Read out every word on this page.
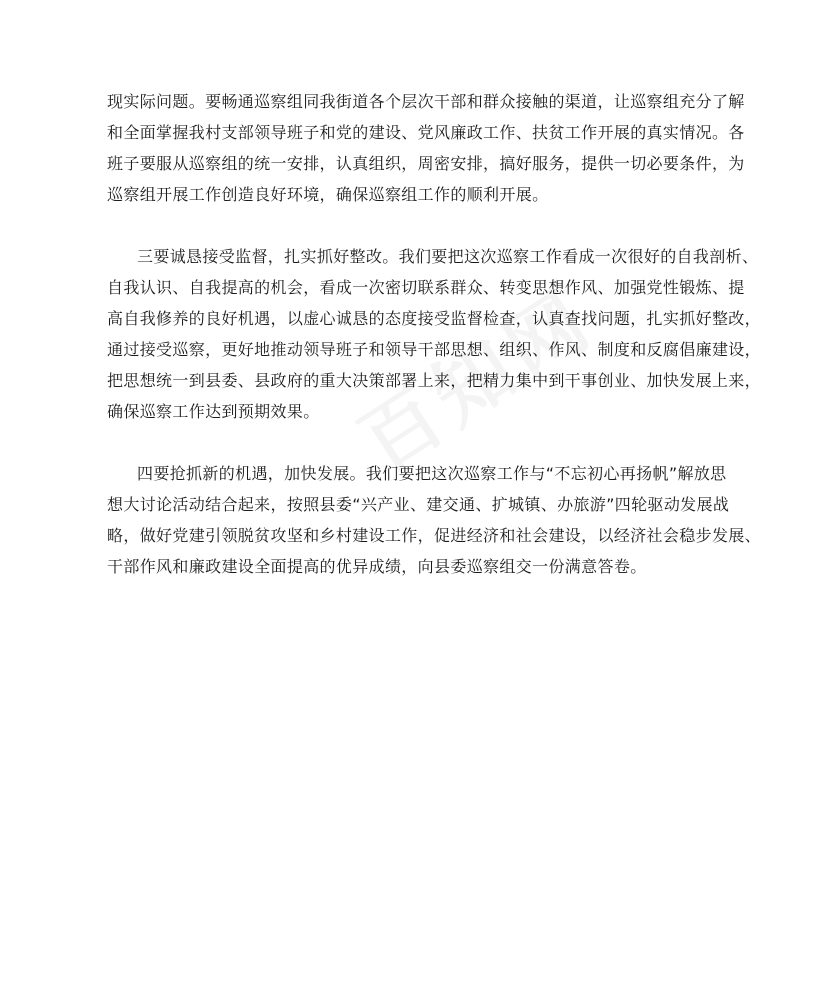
现实际问题。要畅通巡察组同我街道各个层次干部和群众接触的渠道，让巡察组充分了解
和全面掌握我村支部领导班子和党的建设、党风廉政工作、扶贫工作开展的真实情况。各
班子要服从巡察组的统一安排，认真组织，周密安排，搞好服务，提供一切必要条件，为
巡察组开展工作创造良好环境，确保巡察组工作的顺利开展。
三要诚恳接受监督，扎实抓好整改。我们要把这次巡察工作看成一次很好的自我剖析、
自我认识、自我提高的机会，看成一次密切联系群众、转变思想作风、加强党性锻炼、提
高自我修养的良好机遇，以虚心诚恳的态度接受监督检查，认真查找问题，扎实抓好整改，
通过接受巡察，更好地推动领导班子和领导干部思想、组织、作风、制度和反腐倡廉建设，
把思想统一到县委、县政府的重大决策部署上来，把精力集中到干事创业、加快发展上来，
确保巡察工作达到预期效果。
四要抢抓新的机遇，加快发展。我们要把这次巡察工作与“不忘初心再扬帆”解放思
想大讨论活动结合起来，按照县委“兴产业、建交通、扩城镇、办旅游”四轮驱动发展战
略，做好党建引领脱贫攻坚和乡村建设工作，促进经济和社会建设，以经济社会稳步发展、
干部作风和廉政建设全面提高的优异成绩，向县委巡察组交一份满意答卷。
